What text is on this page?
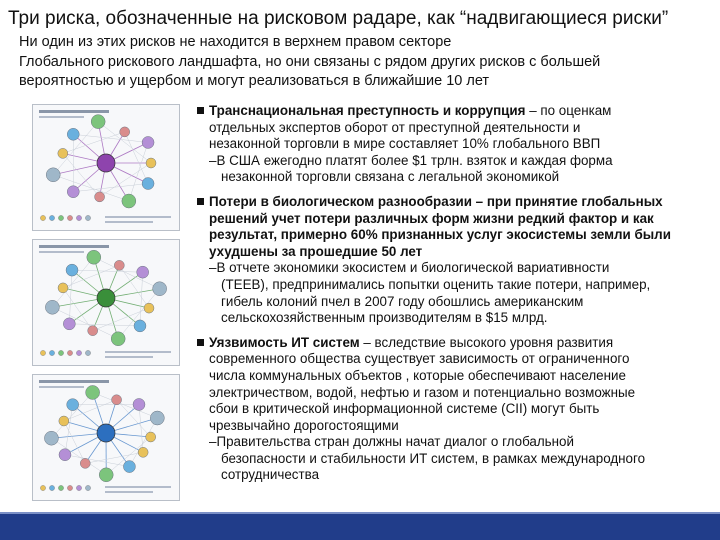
Три риска, обозначенные на рисковом радаре, как “надвигающиеся риски”
Ни один из этих рисков не находится в верхнем правом секторе
Глобального рискового ландшафта, но они связаны с рядом других рисков с большей
вероятностью и ущербом и могут реализоваться в ближайшие 10 лет
Транснациональная преступность и коррупция – по оценкам
отдельных экспертов оборот от преступной деятельности и
незаконной торговли в мире составляет 10% глобального ВВП
–В США ежегодно платят более $1 трлн. взяток и каждая форма
незаконной торговли связана с легальной экономикой
Потери в биологическом разнообразии – при принятие глобальных
решений учет потери различных форм жизни редкий фактор и как
результат, примерно 60% признанных услуг экосистемы земли были
ухудшены за прошедшие 50 лет
–В отчете экономики экосистем и биологической вариативности
(TEEB), предпринимались попытки оценить такие потери, например,
гибель колоний пчел в 2007 году обошлись американским
сельскохозяйственным производителям в $15 млрд.
Уязвимость ИТ систем – вследствие высокого уровня развития
современного общества существует зависимость от ограниченного
числа коммунальных объектов , которые обеспечивают население
электричеством, водой, нефтью и газом и потенциально возможные
сбои в критической информационной системе (CII) могут быть
чрезвычайно дорогостоящими
–Правительства стран должны начат диалог о глобальной
безопасности и стабильности ИТ систем, в рамках международного
сотрудничества
